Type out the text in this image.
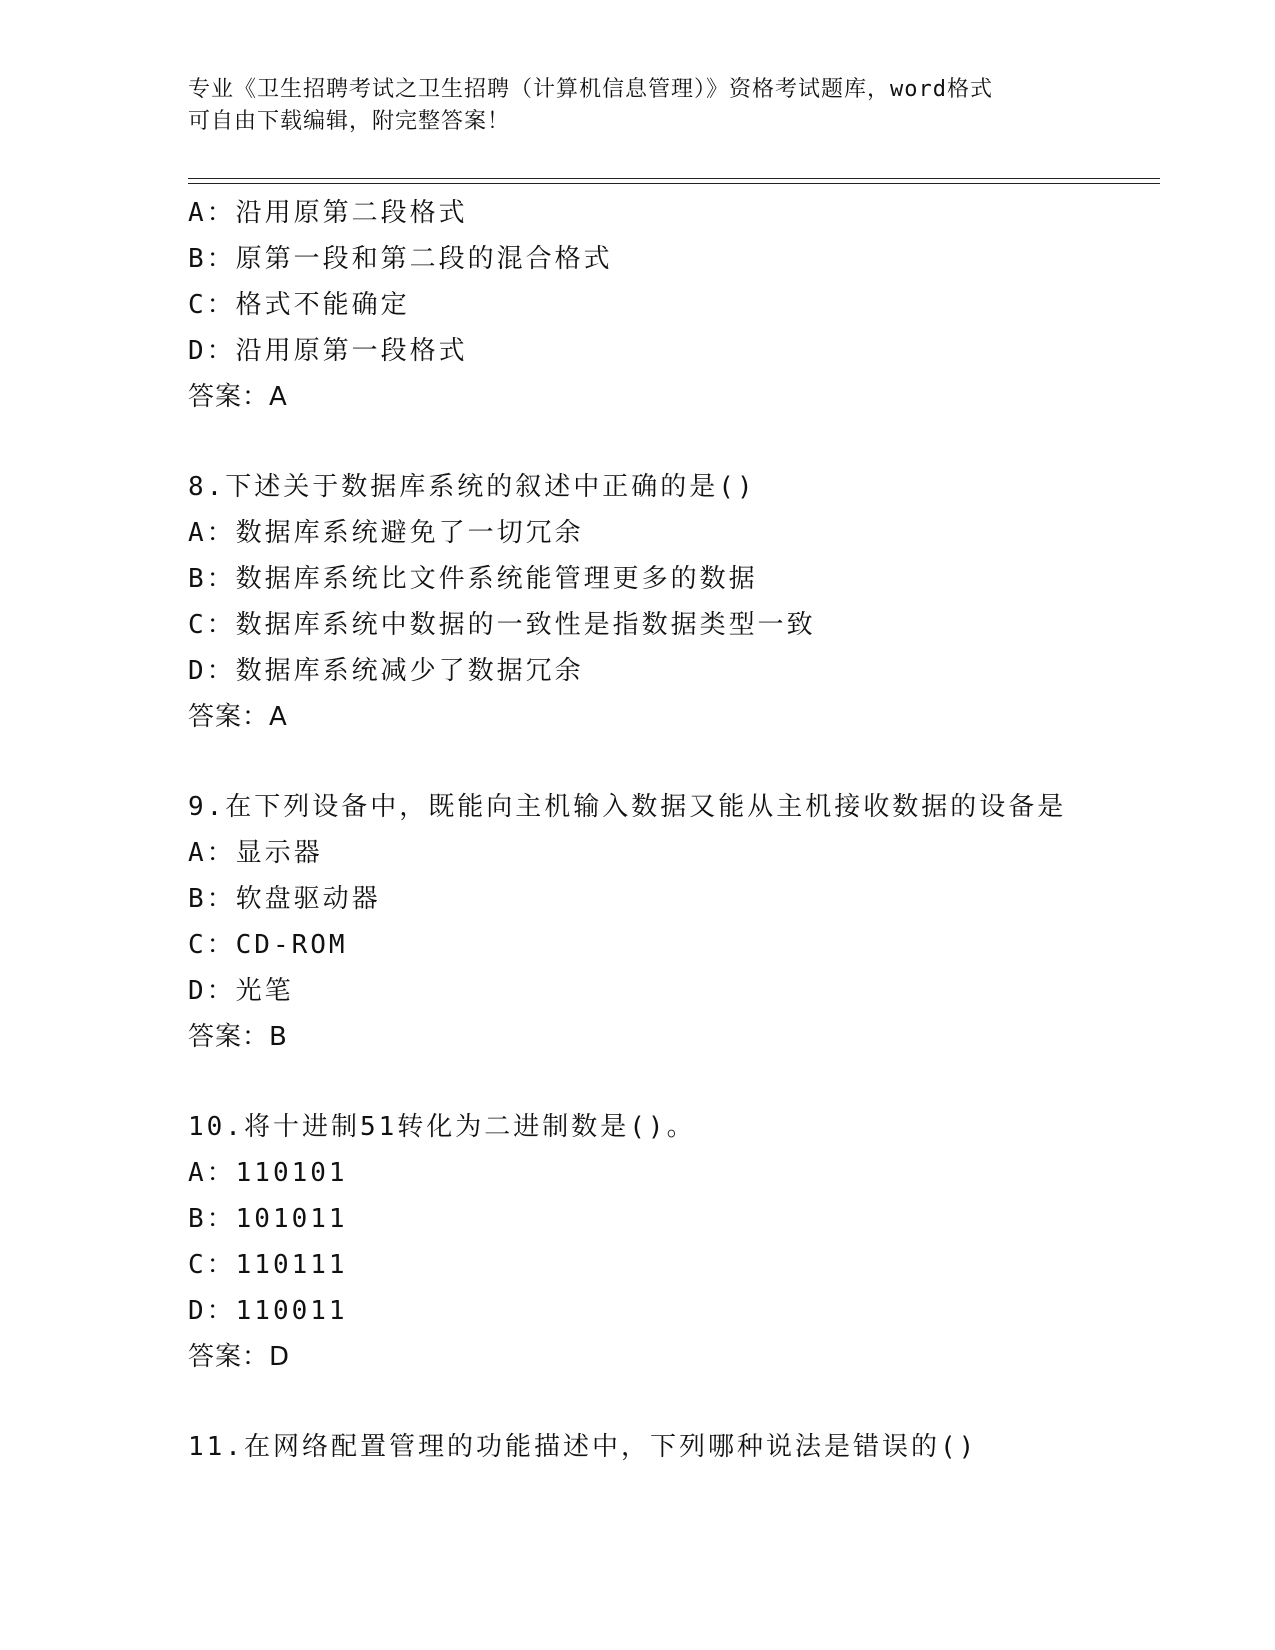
专业《卫生招聘考试之卫生招聘（计算机信息管理）》资格考试题库，word格式
可自由下载编辑，附完整答案！
A：沿用原第二段格式
B：原第一段和第二段的混合格式
C：格式不能确定
D：沿用原第一段格式
答案：A
8.下述关于数据库系统的叙述中正确的是()
A：数据库系统避免了一切冗余
B：数据库系统比文件系统能管理更多的数据
C：数据库系统中数据的一致性是指数据类型一致
D：数据库系统减少了数据冗余
答案：A
9.在下列设备中，既能向主机输入数据又能从主机接收数据的设备是
A：显示器
B：软盘驱动器
C：CD-ROM
D：光笔
答案：B
10.将十进制51转化为二进制数是()。
A：110101
B：101011
C：110111
D：110011
答案：D
11.在网络配置管理的功能描述中，下列哪种说法是错误的()
